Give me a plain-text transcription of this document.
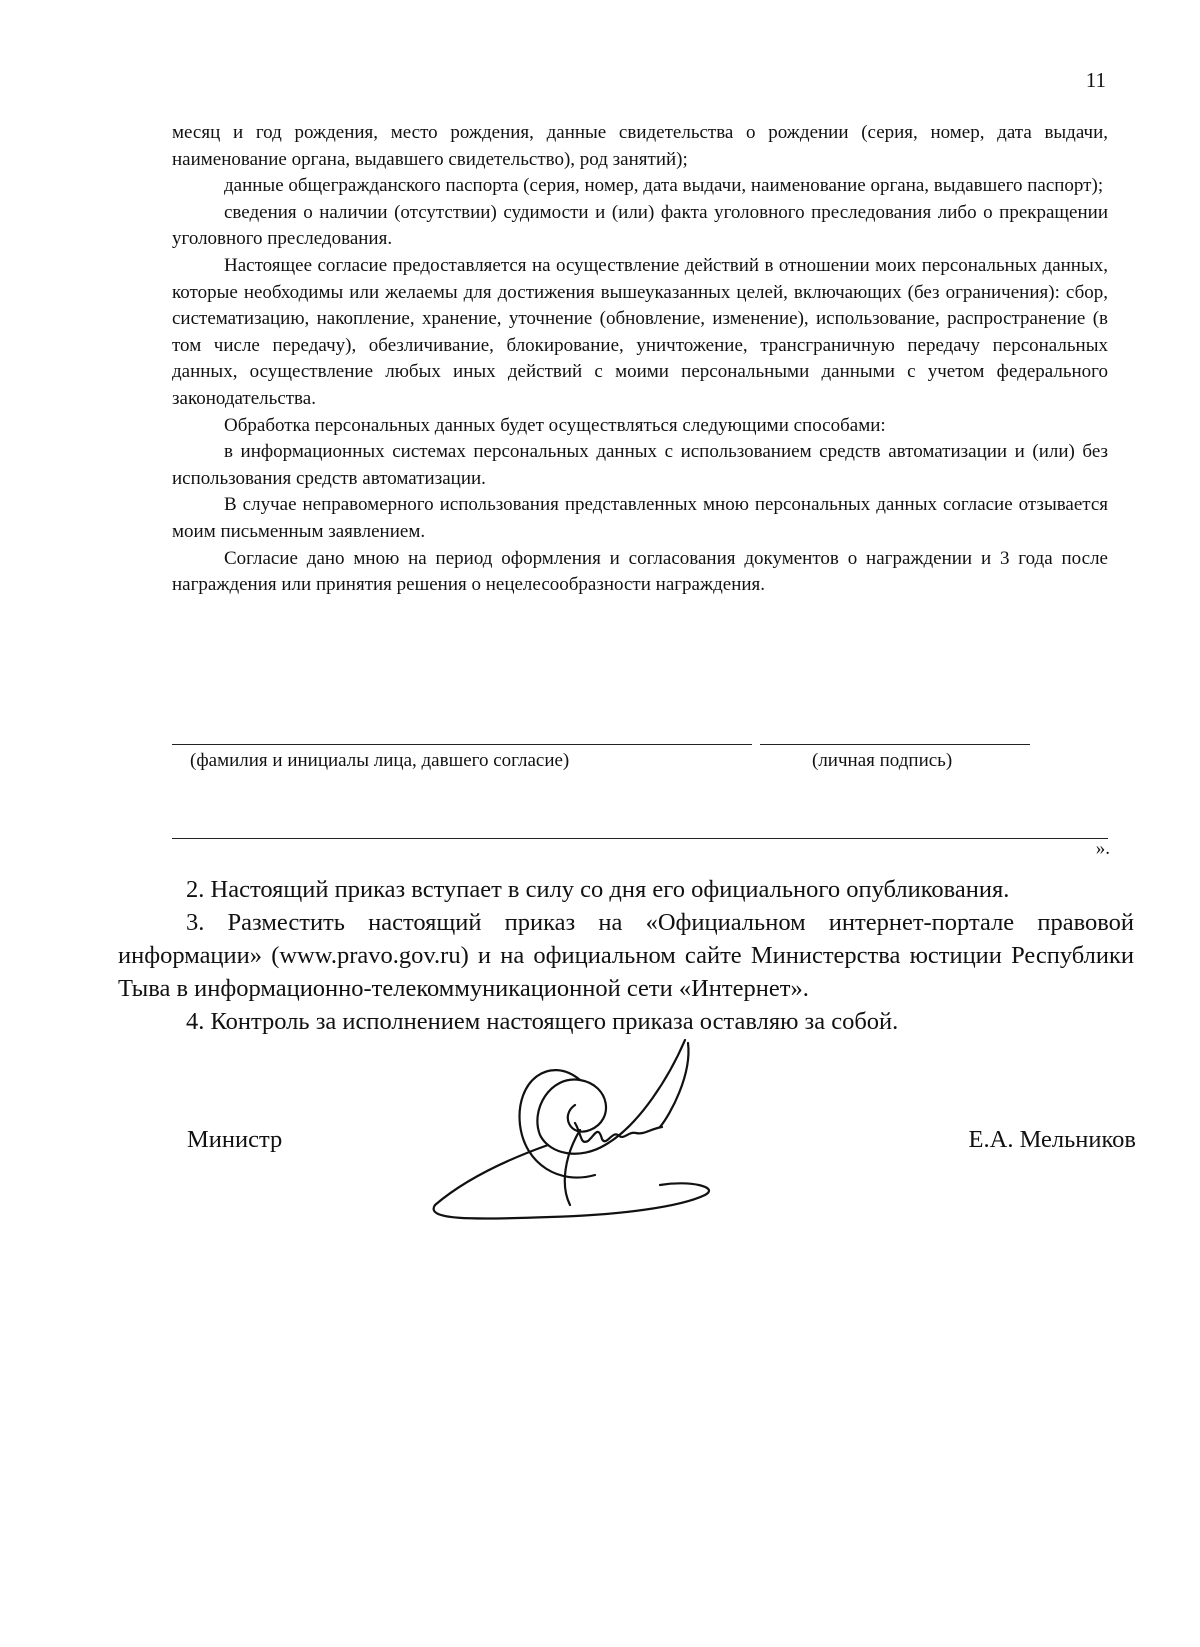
11

месяц и год рождения, место рождения, данные свидетельства о рождении (серия, номер, дата выдачи, наименование органа, выдавшего свидетельство), род занятий);

данные общегражданского паспорта (серия, номер, дата выдачи, наименование органа, выдавшего паспорт);

сведения о наличии (отсутствии) судимости и (или) факта уголовного преследования либо о прекращении уголовного преследования.

Настоящее согласие предоставляется на осуществление действий в отношении моих персональных данных, которые необходимы или желаемы для достижения вышеуказанных целей, включающих (без ограничения): сбор, систематизацию, накопление, хранение, уточнение (обновление, изменение), использование, распространение (в том числе передачу), обезличивание, блокирование, уничтожение, трансграничную передачу персональных данных, осуществление любых иных действий с моими персональными данными с учетом федерального законодательства.

Обработка персональных данных будет осуществляться следующими способами:

в информационных системах персональных данных с использованием средств автоматизации и (или) без использования средств автоматизации.

В случае неправомерного использования представленных мною персональных данных согласие отзывается моим письменным заявлением.

Согласие дано мною на период оформления и согласования документов о награждении и 3 года после награждения или принятия решения о нецелесообразности награждения.

(фамилия и инициалы лица, давшего согласие)	(личная подпись)
».

2. Настоящий приказ вступает в силу со дня его официального опубликования.

3. Разместить настоящий приказ на «Официальном интернет-портале правовой информации» (www.pravo.gov.ru) и на официальном сайте Министерства юстиции Республики Тыва в информационно-телекоммуникационной сети «Интернет».

4. Контроль за исполнением настоящего приказа оставляю за собой.

Министр	Е.А. Мельников
